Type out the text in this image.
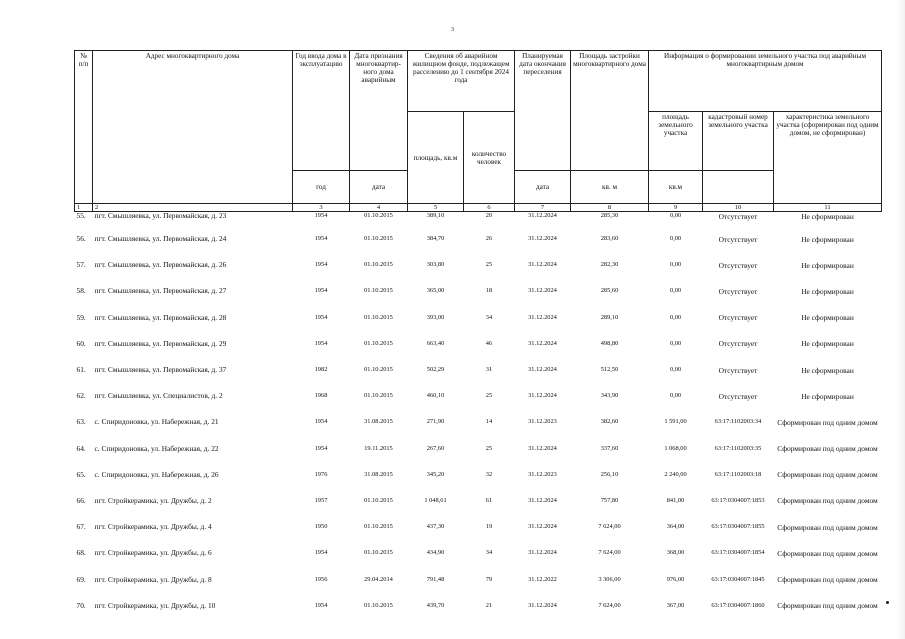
3
№ п/п	Адрес многоквартирного дома	Год ввода дома в эксплуатацию	Дата признания многоквартир-ного дома аварийным	Сведения об аварийном жилищном фонде, подлежащем расселению до 1 сентября 2024 года		Планируемая дата окончания переселения	Площадь застройки многоквартирного дома	Информация о формировании земельного участка под аварийным многоквартирным домом		
				площадь, кв.м	количество человек			площадь земельного участка	кадастровый номер земельного участка	характеристика земельного участка (сформирован под одним домом, не сформирован)
		год	дата			дата	кв. м	кв.м		
1	2	3	4	5	6	7	8	9	10	11
55.	пгт. Смышляевка, ул. Первомайская, д. 23	1954	01.10.2015	389,10	20	31.12.2024	285,30	0,00	Отсутствует	Не сформирован
56.	пгт. Смышляевка, ул. Первомайская, д. 24	1954	01.10.2015	384,70	26	31.12.2024	283,60	0,00	Отсутствует	Не сформирован
57.	пгт. Смышляевка, ул. Первомайская, д. 26	1954	01.10.2015	303,80	25	31.12.2024	282,30	0,00	Отсутствует	Не сформирован
58.	пгт. Смышляевка, ул. Первомайская, д. 27	1954	01.10.2015	365,00	18	31.12.2024	285,60	0,00	Отсутствует	Не сформирован
59.	пгт. Смышляевка, ул. Первомайская, д. 28	1954	01.10.2015	393,00	34	31.12.2024	289,10	0,00	Отсутствует	Не сформирован
60.	пгт. Смышляевка, ул. Первомайская, д. 29	1954	01.10.2015	663,40	46	31.12.2024	498,80	0,00	Отсутствует	Не сформирован
61.	пгт. Смышляевка, ул. Первомайская, д. 37	1982	01.10.2015	502,29	31	31.12.2024	512,50	0,00	Отсутствует	Не сформирован
62.	пгт. Смышляевка, ул. Специалистов, д. 2	1968	01.10.2015	460,10	25	31.12.2024	343,90	0,00	Отсутствует	Не сформирован
63.	с. Спиридоновка, ул. Набережная, д. 21	1954	31.08.2015	271,90	14	31.12.2023	382,60	1 591,00	63:17:1102003:34	Сформирован под одним домом
64.	с. Спиридоновка, ул. Набережная, д. 22	1954	19.11.2015	267,60	25	31.12.2024	337,60	1 068,00	63:17:1102003:35	Сформирован под одним домом
65.	с. Спиридоновка, ул. Набережная, д. 26	1976	31.08.2015	345,20	32	31.12.2023	256,10	2 240,00	63:17:1102003:18	Сформирован под одним домом
66.	пгт. Стройкерамика, ул. Дружбы, д. 2	1957	01.10.2015	1 048,61	61	31.12.2024	757,80	841,00	63:17:0304007:1853	Сформирован под одним домом
67.	пгт. Стройкерамика, ул. Дружбы, д. 4	1950	01.10.2015	437,30	19	31.12.2024	7 624,00	364,00	63:17:0304007:1855	Сформирован под одним домом
68.	пгт. Стройкерамика, ул. Дружбы, д. 6	1954	01.10.2015	434,90	34	31.12.2024	7 624,00	368,00	63:17:0304007:1854	Сформирован под одним домом
69.	пгт. Стройкерамика, ул. Дружбы, д. 8	1956	29.04.2014	791,48	79	31.12.2022	3 306,00	976,00	63:17:0304007:1845	Сформирован под одним домом
70.	пгт. Стройкерамика, ул. Дружбы, д. 10	1954	01.10.2015	439,70	21	31.12.2024	7 624,00	367,00	63:17:0304007:1860	Сформирован под одним домом
